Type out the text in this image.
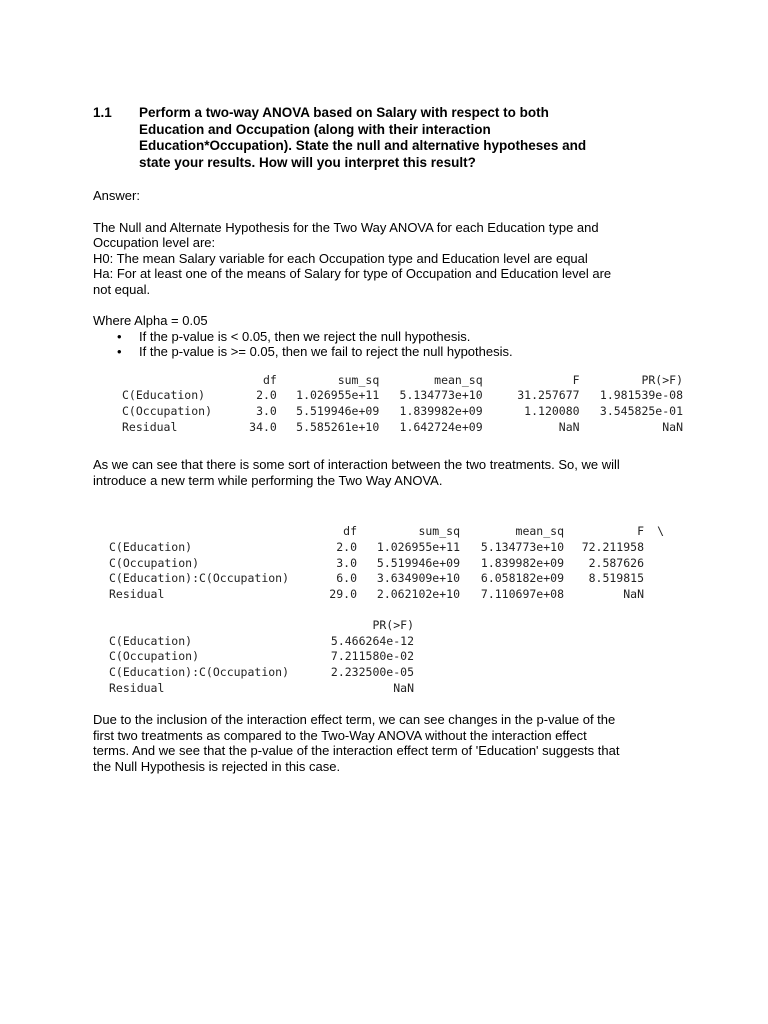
1.1 Perform a two-way ANOVA based on Salary with respect to both
Education and Occupation (along with their interaction
Education*Occupation). State the null and alternative hypotheses and
state your results. How will you interpret this result?

Answer:

The Null and Alternate Hypothesis for the Two Way ANOVA for each Education type and
Occupation level are:
H0: The mean Salary variable for each Occupation type and Education level are equal
Ha: For at least one of the means of Salary for type of Occupation and Education level are
not equal.

Where Alpha = 0.05

• If the p-value is < 0.05, then we reject the null hypothesis.
• If the p-value is >= 0.05, then we fail to reject the null hypothesis.
	df	sum_sq	mean_sq	F	PR(>F)
C(Education)	2.0	1.026955e+11	5.134773e+10	31.257677	1.981539e-08
C(Occupation)	3.0	5.519946e+09	1.839982e+09	1.120080	3.545825e-01
Residual	34.0	5.585261e+10	1.642724e+09	NaN	NaN
As we can see that there is some sort of interaction between the two treatments. So, we will
introduce a new term while performing the Two Way ANOVA.
	df	sum_sq	mean_sq	F	\
C(Education)	2.0	1.026955e+11	5.134773e+10	72.211958	
C(Occupation)	3.0	5.519946e+09	1.839982e+09	2.587626	
C(Education):C(Occupation)	6.0	3.634909e+10	6.058182e+09	8.519815	
Residual	29.0	2.062102e+10	7.110697e+08	NaN	
	PR(>F)
C(Education)	5.466264e-12
C(Occupation)	7.211580e-02
C(Education):C(Occupation)	2.232500e-05
Residual	NaN
Due to the inclusion of the interaction effect term, we can see changes in the p-value of the
first two treatments as compared to the Two-Way ANOVA without the interaction effect
terms. And we see that the p-value of the interaction effect term of 'Education' suggests that
the Null Hypothesis is rejected in this case.
